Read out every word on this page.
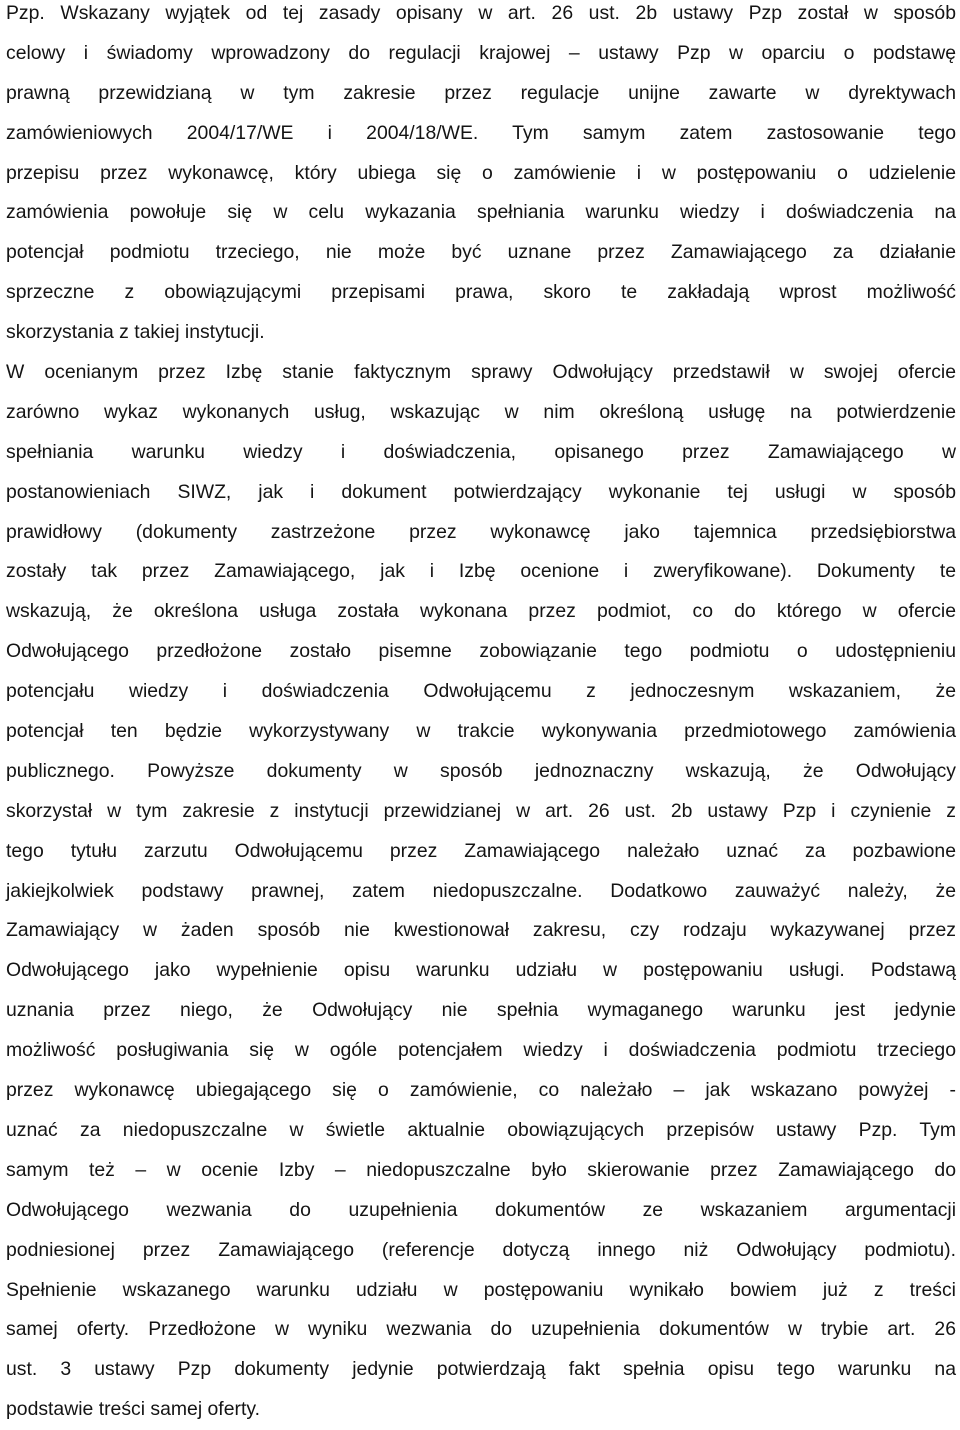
Pzp. Wskazany wyjątek od tej zasady opisany w art. 26 ust. 2b ustawy Pzp został w sposób
celowy i świadomy wprowadzony do regulacji krajowej – ustawy Pzp w oparciu o podstawę
prawną przewidzianą w tym zakresie przez regulacje unijne zawarte w dyrektywach
zamówieniowych 2004/17/WE i 2004/18/WE. Tym samym zatem zastosowanie tego
przepisu przez wykonawcę, który ubiega się o zamówienie i w postępowaniu o udzielenie
zamówienia powołuje się w celu wykazania spełniania warunku wiedzy i doświadczenia na
potencjał podmiotu trzeciego, nie może być uznane przez Zamawiającego za działanie
sprzeczne z obowiązującymi przepisami prawa, skoro te zakładają wprost możliwość
skorzystania z takiej instytucji.
W ocenianym przez Izbę stanie faktycznym sprawy Odwołujący przedstawił w swojej ofercie
zarówno wykaz wykonanych usług, wskazując w nim określoną usługę na potwierdzenie
spełniania warunku wiedzy i doświadczenia, opisanego przez Zamawiającego w
postanowieniach SIWZ, jak i dokument potwierdzający wykonanie tej usługi w sposób
prawidłowy (dokumenty zastrzeżone przez wykonawcę jako tajemnica przedsiębiorstwa
zostały tak przez Zamawiającego, jak i Izbę ocenione i zweryfikowane). Dokumenty te
wskazują, że określona usługa została wykonana przez podmiot, co do którego w ofercie
Odwołującego przedłożone zostało pisemne zobowiązanie tego podmiotu o udostępnieniu
potencjału wiedzy i doświadczenia Odwołującemu z jednoczesnym wskazaniem, że
potencjał ten będzie wykorzystywany w trakcie wykonywania przedmiotowego zamówienia
publicznego. Powyższe dokumenty w sposób jednoznaczny wskazują, że Odwołujący
skorzystał w tym zakresie z instytucji przewidzianej w art. 26 ust. 2b ustawy Pzp i czynienie z
tego tytułu zarzutu Odwołującemu przez Zamawiającego należało uznać za pozbawione
jakiejkolwiek podstawy prawnej, zatem niedopuszczalne. Dodatkowo zauważyć należy, że
Zamawiający w żaden sposób nie kwestionował zakresu, czy rodzaju wykazywanej przez
Odwołującego jako wypełnienie opisu warunku udziału w postępowaniu usługi. Podstawą
uznania przez niego, że Odwołujący nie spełnia wymaganego warunku jest jedynie
możliwość posługiwania się w ogóle potencjałem wiedzy i doświadczenia podmiotu trzeciego
przez wykonawcę ubiegającego się o zamówienie, co należało – jak wskazano powyżej -
uznać za niedopuszczalne w świetle aktualnie obowiązujących przepisów ustawy Pzp. Tym
samym też – w ocenie Izby – niedopuszczalne było skierowanie przez Zamawiającego do
Odwołującego wezwania do uzupełnienia dokumentów ze wskazaniem argumentacji
podniesionej przez Zamawiającego (referencje dotyczą innego niż Odwołujący podmiotu).
Spełnienie wskazanego warunku udziału w postępowaniu wynikało bowiem już z treści
samej oferty. Przedłożone w wyniku wezwania do uzupełnienia dokumentów w trybie art. 26
ust. 3 ustawy Pzp dokumenty jedynie potwierdzają fakt spełnia opisu tego warunku na
podstawie treści samej oferty.
